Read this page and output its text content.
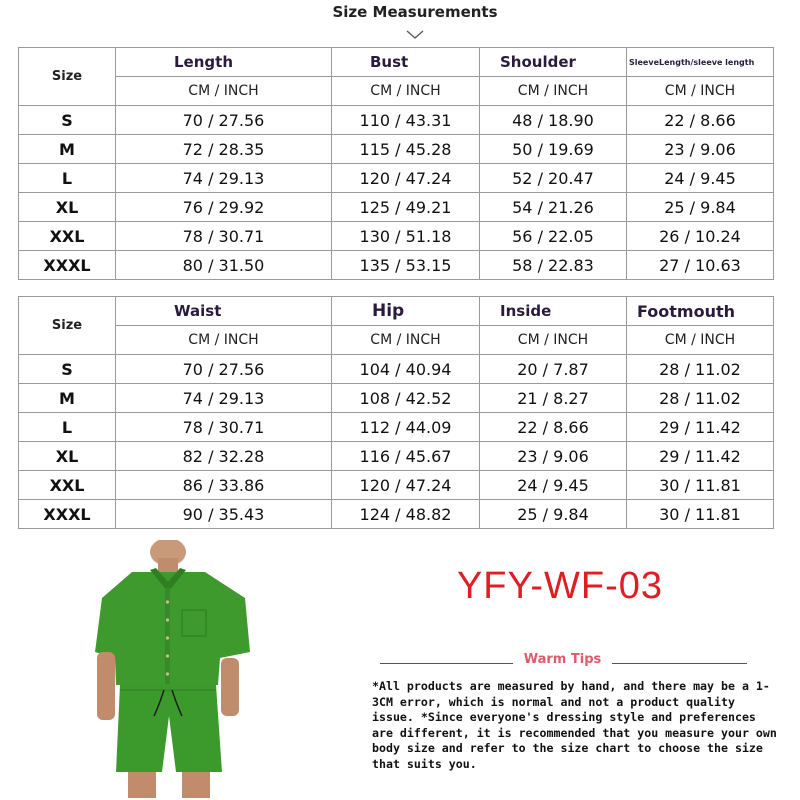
Size Measurements
Size	Length	Bust	Shoulder	SleeveLength/sleeve length
	CM / INCH	CM / INCH	CM / INCH	CM / INCH
S	70 / 27.56	110 / 43.31	48 / 18.90	22 / 8.66
M	72 / 28.35	115 / 45.28	50 / 19.69	23 / 9.06
L	74 / 29.13	120 / 47.24	52 / 20.47	24 / 9.45
XL	76 / 29.92	125 / 49.21	54 / 21.26	25 / 9.84
XXL	78 / 30.71	130 / 51.18	56 / 22.05	26 / 10.24
XXXL	80 / 31.50	135 / 53.15	58 / 22.83	27 / 10.63
Size	Waist	Hip	Inside	Footmouth
	CM / INCH	CM / INCH	CM / INCH	CM / INCH
S	70 / 27.56	104 / 40.94	20 / 7.87	28 / 11.02
M	74 / 29.13	108 / 42.52	21 / 8.27	28 / 11.02
L	78 / 30.71	112 / 44.09	22 / 8.66	29 / 11.42
XL	82 / 32.28	116 / 45.67	23 / 9.06	29 / 11.42
XXL	86 / 33.86	120 / 47.24	24 / 9.45	30 / 11.81
XXXL	90 / 35.43	124 / 48.82	25 / 9.84	30 / 11.81
YFY-WF-03
Warm Tips
*All products are measured by hand, and there may be a 1-3CM error, which is normal and not a product quality issue. *Since everyone's dressing style and preferences are different, it is recommended that you measure your own body size and refer to the size chart to choose the size that suits you.
